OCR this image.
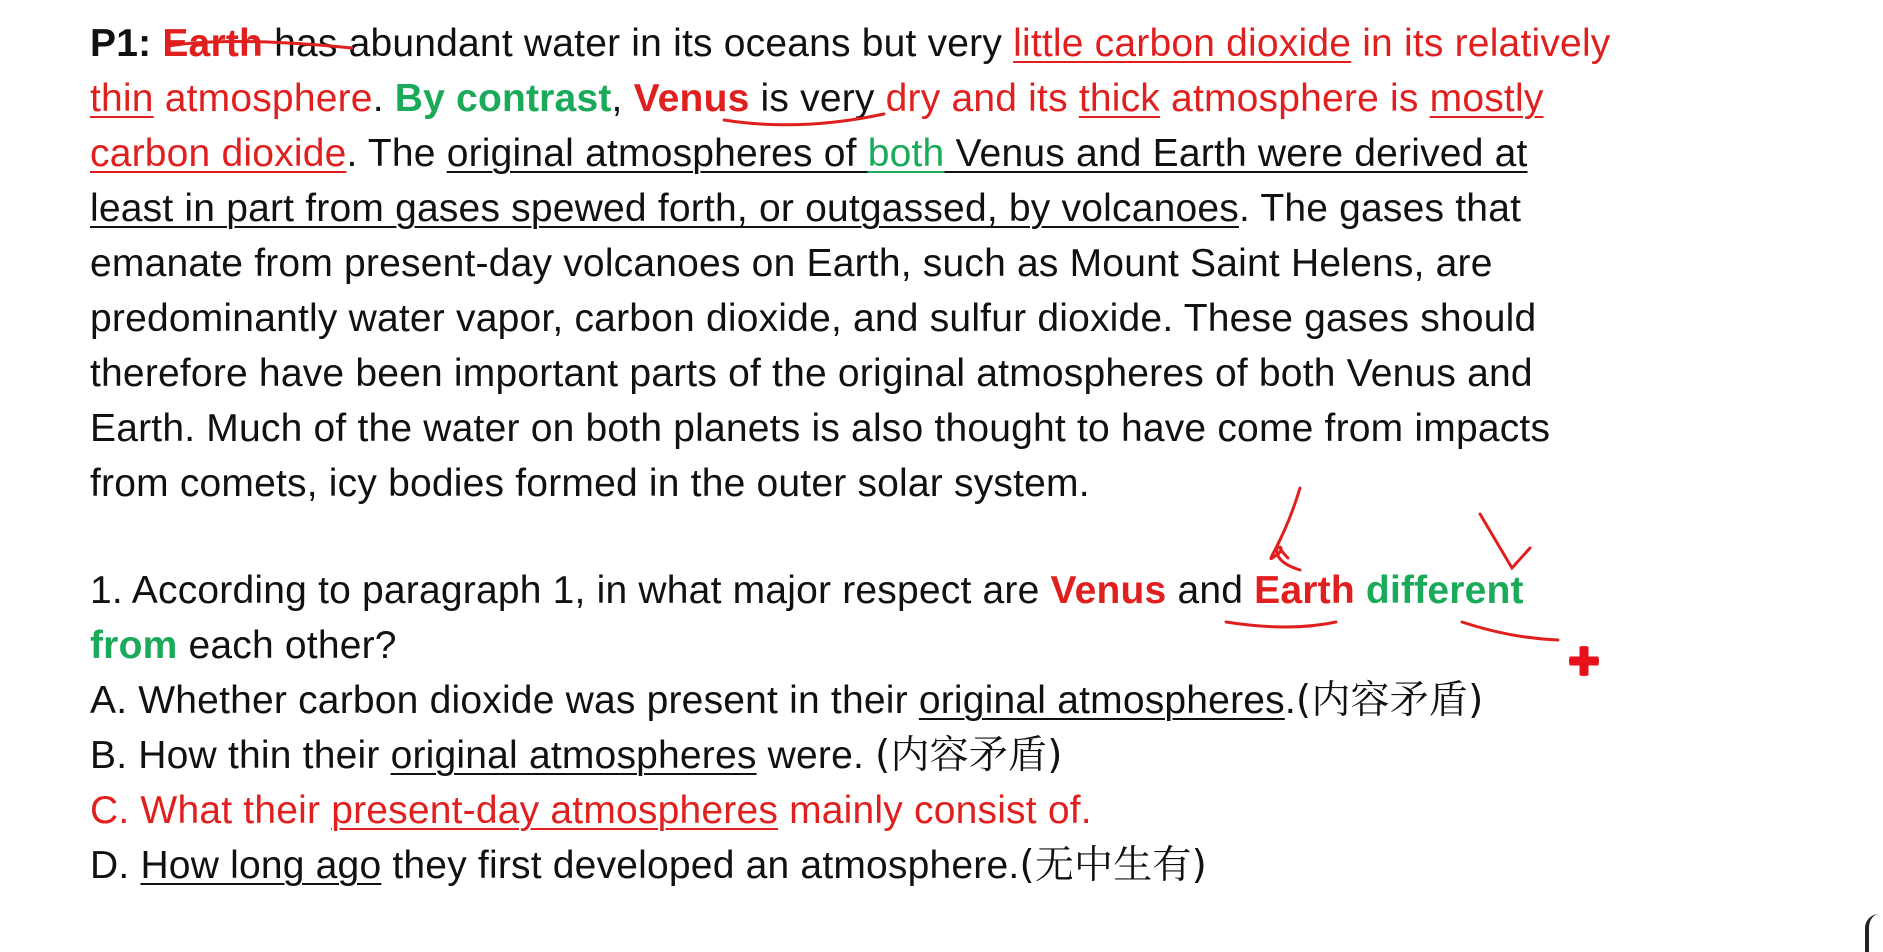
P1: Earth has abundant water in its oceans but very little carbon dioxide in its relatively
thin atmosphere. By contrast, Venus is very dry and its thick atmosphere is mostly
carbon dioxide. The original atmospheres of both Venus and Earth were derived at
least in part from gases spewed forth, or outgassed, by volcanoes. The gases that
emanate from present-day volcanoes on Earth, such as Mount Saint Helens, are
predominantly water vapor, carbon dioxide, and sulfur dioxide. These gases should
therefore have been important parts of the original atmospheres of both Venus and
Earth. Much of the water on both planets is also thought to have come from impacts
from comets, icy bodies formed in the outer solar system.

1. According to paragraph 1, in what major respect are Venus and Earth different
from each other?
A. Whether carbon dioxide was present in their original atmospheres.(内容矛盾)
B. How thin their original atmospheres were. (内容矛盾)
C. What their present-day atmospheres mainly consist of.
D. How long ago they first developed an atmosphere.(无中生有)
